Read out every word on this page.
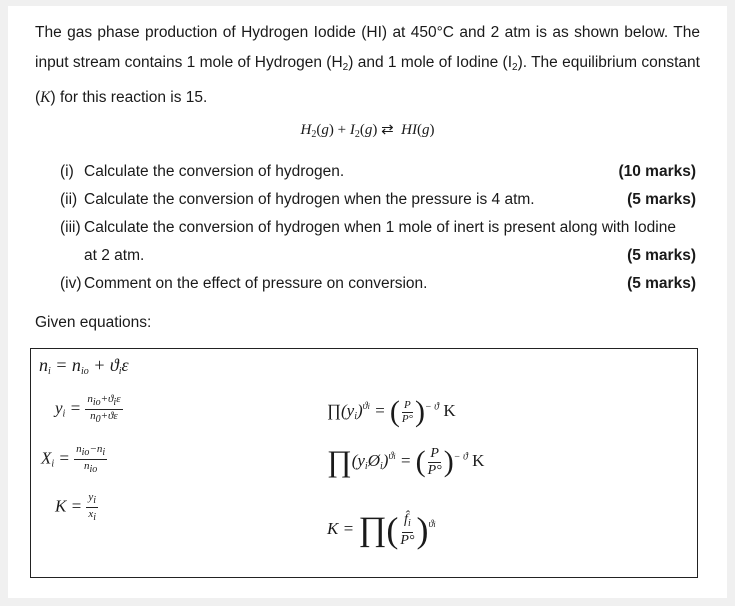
The gas phase production of Hydrogen Iodide (HI) at 450°C and 2 atm is as shown below. The input stream contains 1 mole of Hydrogen $(H_2)$ and 1 mole of Iodine $(I_2)$. The equilibrium constant (K) for this reaction is 15.
$H_2(g) + I_2(g)$ ⇄  HI(g)
(i) Calculate the conversion of hydrogen.	(10 marks)
(ii) Calculate the conversion of hydrogen when the pressure is 4 atm.	(5 marks)
(iii) Calculate the conversion of hydrogen when 1 mole of inert is present along with Iodine
at 2 atm.	(5 marks)
(iv) Comment on the effect of pressure on conversion.	(5 marks)
Given equations:
$n_i = n_{io} + ϑ_i\varepsilon$
$y_i = \frac{\text{nio+ϑiε}}{n0+ϑ\varepsilon}$
$X_i = \frac{\text{nio−ni}}{\text{nio}}$
$K = \frac{yi}{xi}$
$\prod(y_i)^{ϑi}$ = ( $\frac{P}{P^\circ} )^{- ϑ}$ K
$\prod(y_iØ_i)^{ϑi}$ = ( $\frac{P}{P^\circ} )^{- ϑ}$ K
K = ∏( $\frac{f̂_i}{P^\circ} )^{ϑi}$
